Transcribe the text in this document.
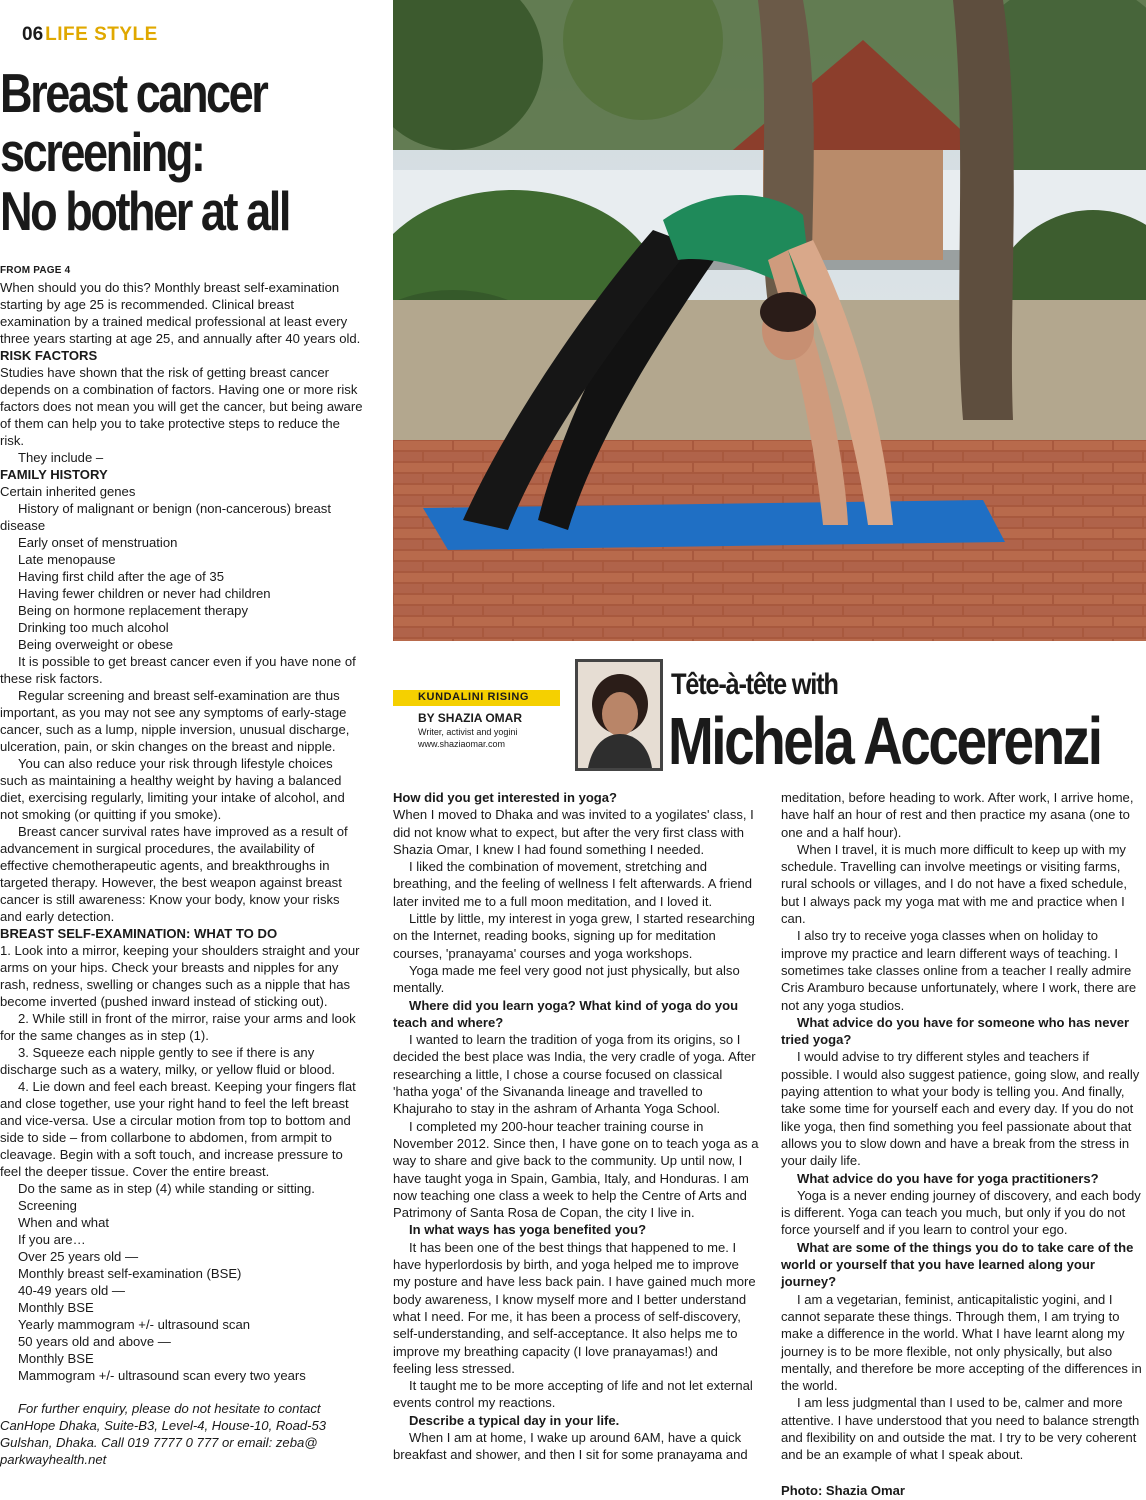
06 LIFE STYLE
Breast cancer
screening:
No bother at all

FROM PAGE 4

When should you do this? Monthly breast self-examination starting by age 25 is recommended. Clinical breast examination by a trained medical professional at least every three years starting at age 25, and annually after 40 years old.

RISK FACTORS

Studies have shown that the risk of getting breast cancer depends on a combination of factors. Having one or more risk factors does not mean you will get the cancer, but being aware of them can help you to take protective steps to reduce the risk.

They include –

FAMILY HISTORY

Certain inherited genes

History of malignant or benign (non-cancerous) breast disease

Early onset of menstruation

Late menopause

Having first child after the age of 35

Having fewer children or never had children

Being on hormone replacement therapy

Drinking too much alcohol

Being overweight or obese

It is possible to get breast cancer even if you have none of these risk factors.

Regular screening and breast self-examination are thus important, as you may not see any symptoms of early-stage cancer, such as a lump, nipple inversion, unusual discharge, ulceration, pain, or skin changes on the breast and nipple.

You can also reduce your risk through lifestyle choices such as maintaining a healthy weight by having a balanced diet, exercising regularly, limiting your intake of alcohol, and not smoking (or quitting if you smoke).

Breast cancer survival rates have improved as a result of advancement in surgical procedures, the availability of effective chemotherapeutic agents, and breakthroughs in targeted therapy. However, the best weapon against breast cancer is still awareness: Know your body, know your risks and early detection.

BREAST SELF-EXAMINATION: WHAT TO DO

1. Look into a mirror, keeping your shoulders straight and your arms on your hips. Check your breasts and nipples for any rash, redness, swelling or changes such as a nipple that has become inverted (pushed inward instead of sticking out).

2. While still in front of the mirror, raise your arms and look for the same changes as in step (1).

3. Squeeze each nipple gently to see if there is any discharge such as a watery, milky, or yellow fluid or blood.

4. Lie down and feel each breast. Keeping your fingers flat and close together, use your right hand to feel the left breast and vice-versa. Use a circular motion from top to bottom and side to side – from collarbone to abdomen, from armpit to cleavage. Begin with a soft touch, and increase pressure to feel the deeper tissue. Cover the entire breast.

Do the same as in step (4) while standing or sitting.

Screening

When and what

If you are…

Over 25 years old —

Monthly breast self-examination (BSE)

40-49 years old —

Monthly BSE

Yearly mammogram +/- ultrasound scan

50 years old and above —

Monthly BSE

Mammogram +/- ultrasound scan every two years

For further enquiry, please do not hesitate to contact
CanHope Dhaka, Suite-B3, Level-4, House-10, Road-53
Gulshan, Dhaka. Call 019 7777 0 777 or email: zeba@
parkwayhealth.net

KUNDALINI RISING
BY SHAZIA OMAR
Writer, activist and yogini
www.shaziaomar.com
Tête-à-tête with
Michela Accerenzi

How did you get interested in yoga?

When I moved to Dhaka and was invited to a yogilates' class, I did not know what to expect, but after the very first class with Shazia Omar, I knew I had found something I needed.

I liked the combination of movement, stretching and breathing, and the feeling of wellness I felt afterwards. A friend later invited me to a full moon meditation, and I loved it.

Little by little, my interest in yoga grew, I started researching on the Internet, reading books, signing up for meditation courses, 'pranayama' courses and yoga workshops.

Yoga made me feel very good not just physically, but also mentally.

Where did you learn yoga? What kind of yoga do you teach and where?

I wanted to learn the tradition of yoga from its origins, so I decided the best place was India, the very cradle of yoga. After researching a little, I chose a course focused on classical 'hatha yoga' of the Sivananda lineage and travelled to Khajuraho to stay in the ashram of Arhanta Yoga School.

I completed my 200-hour teacher training course in November 2012. Since then, I have gone on to teach yoga as a way to share and give back to the community. Up until now, I have taught yoga in Spain, Gambia, Italy, and Honduras. I am now teaching one class a week to help the Centre of Arts and Patrimony of Santa Rosa de Copan, the city I live in.

In what ways has yoga benefited you?

It has been one of the best things that happened to me. I have hyperlordosis by birth, and yoga helped me to improve my posture and have less back pain. I have gained much more body awareness, I know myself more and I better understand what I need. For me, it has been a process of self-discovery, self-understanding, and self-acceptance. It also helps me to improve my breathing capacity (I love pranayamas!) and feeling less stressed.

It taught me to be more accepting of life and not let external events control my reactions.

Describe a typical day in your life.

When I am at home, I wake up around 6AM, have a quick breakfast and shower, and then I sit for some pranayama and

meditation, before heading to work. After work, I arrive home, have half an hour of rest and then practice my asana (one to one and a half hour).

When I travel, it is much more difficult to keep up with my schedule. Travelling can involve meetings or visiting farms, rural schools or villages, and I do not have a fixed schedule, but I always pack my yoga mat with me and practice when I can.

I also try to receive yoga classes when on holiday to improve my practice and learn different ways of teaching. I sometimes take classes online from a teacher I really admire Cris Aramburo because unfortunately, where I work, there are not any yoga studios.

What advice do you have for someone who has never tried yoga?

I would advise to try different styles and teachers if possible. I would also suggest patience, going slow, and really paying attention to what your body is telling you. And finally, take some time for yourself each and every day. If you do not like yoga, then find something you feel passionate about that allows you to slow down and have a break from the stress in your daily life.

What advice do you have for yoga practitioners?

Yoga is a never ending journey of discovery, and each body is different. Yoga can teach you much, but only if you do not force yourself and if you learn to control your ego.

What are some of the things you do to take care of the world or yourself that you have learned along your journey?

I am a vegetarian, feminist, anticapitalistic yogini, and I cannot separate these things. Through them, I am trying to make a difference in the world. What I have learnt along my journey is to be more flexible, not only physically, but also mentally, and therefore be more accepting of the differences in the world.

I am less judgmental than I used to be, calmer and more attentive. I have understood that you need to balance strength and flexibility on and outside the mat. I try to be very coherent and be an example of what I speak about.

Photo: Shazia Omar
